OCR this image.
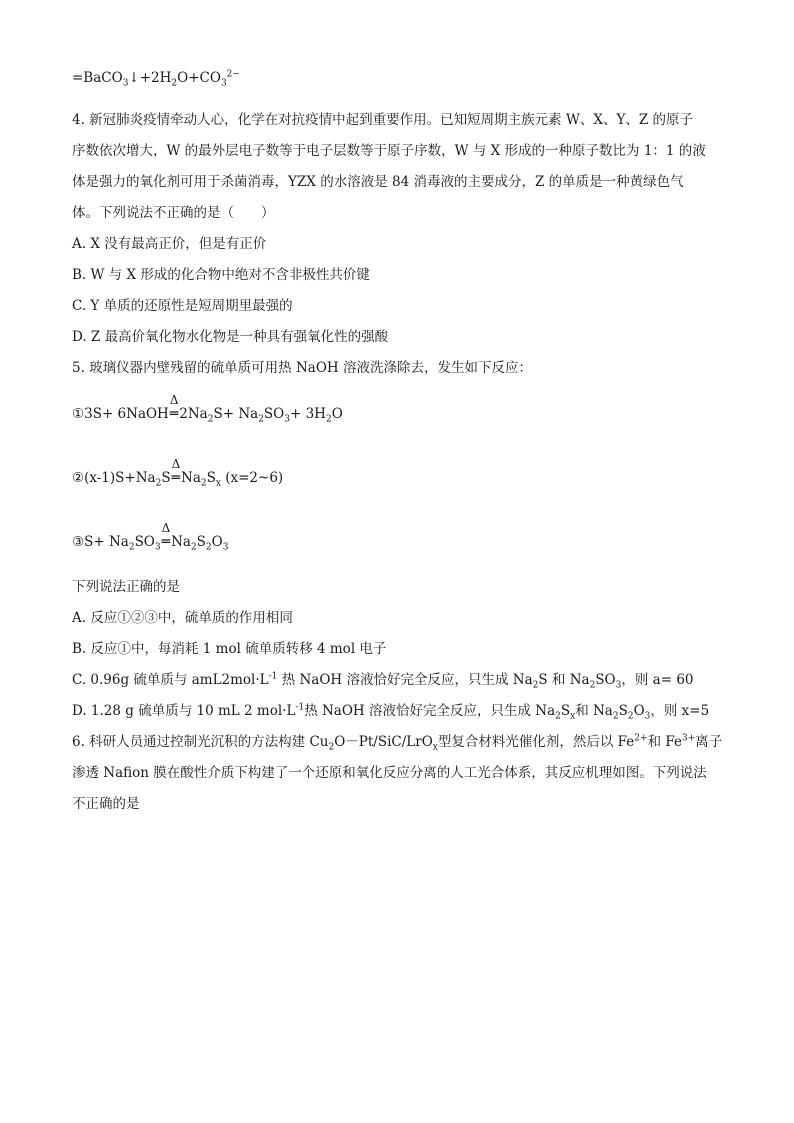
$=BaCO_3↓+2H_2O+CO_3^{2-}$
4. 新冠肺炎疫情牵动人心，化学在对抗疫情中起到重要作用。已知短周期主族元素 W、X、Y、Z 的原子
序数依次增大，W 的最外层电子数等于电子层数等于原子序数，W 与 X 形成的一种原子数比为 1：1 的液
体是强力的氧化剂可用于杀菌消毒，YZX 的水溶液是 84 消毒液的主要成分，Z 的单质是一种黄绿色气
体。下列说法不正确的是（　　）
A. X 没有最高正价，但是有正价
B. W 与 X 形成的化合物中绝对不含非极性共价键
C. Y 单质的还原性是短周期里最强的
D. Z 最高价氧化物水化物是一种具有强氧化性的强酸
5. 玻璃仪器内壁残留的硫单质可用热 NaOH 溶液洗涤除去，发生如下反应：
①3S+ 6NaOH
Δ
$═2Na_2S+ Na_2SO_3+ 3H_2O$
$②(x-1)S+Na_2S$
Δ
$═Na_2S_x$ (x=2~6)
③S+ $Na_2SO_3$
Δ
$═Na_2S_2O_3$
下列说法正确的是
A. 反应①②③中，硫单质的作用相同
B. 反应①中，每消耗 1 mol 硫单质转移 4 mol 电子
C. 0.96g 硫单质与 $amL2mol\cdot L^{-1}$ 热 NaOH 溶液恰好完全反应，只生成 $Na_2S$ 和 $Na_2SO_3$，则 a= 60
D. 1.28 g 硫单质与 10 mL 2 $mol\cdot L^{-1}$热 NaOH 溶液恰好完全反应，只生成 $Na_2S_x$和 $Na_2S_2O_3$，则 x=5
6. 科研人员通过控制光沉积的方法构建 $Cu_2O-Pt/SiC/LrO_x$型复合材料光催化剂，然后以 $Fe^{2+}$和 $Fe^{3+}$离子
渗透 Nafion 膜在酸性介质下构建了一个还原和氧化反应分离的人工光合体系，其反应机理如图。下列说法
不正确的是
